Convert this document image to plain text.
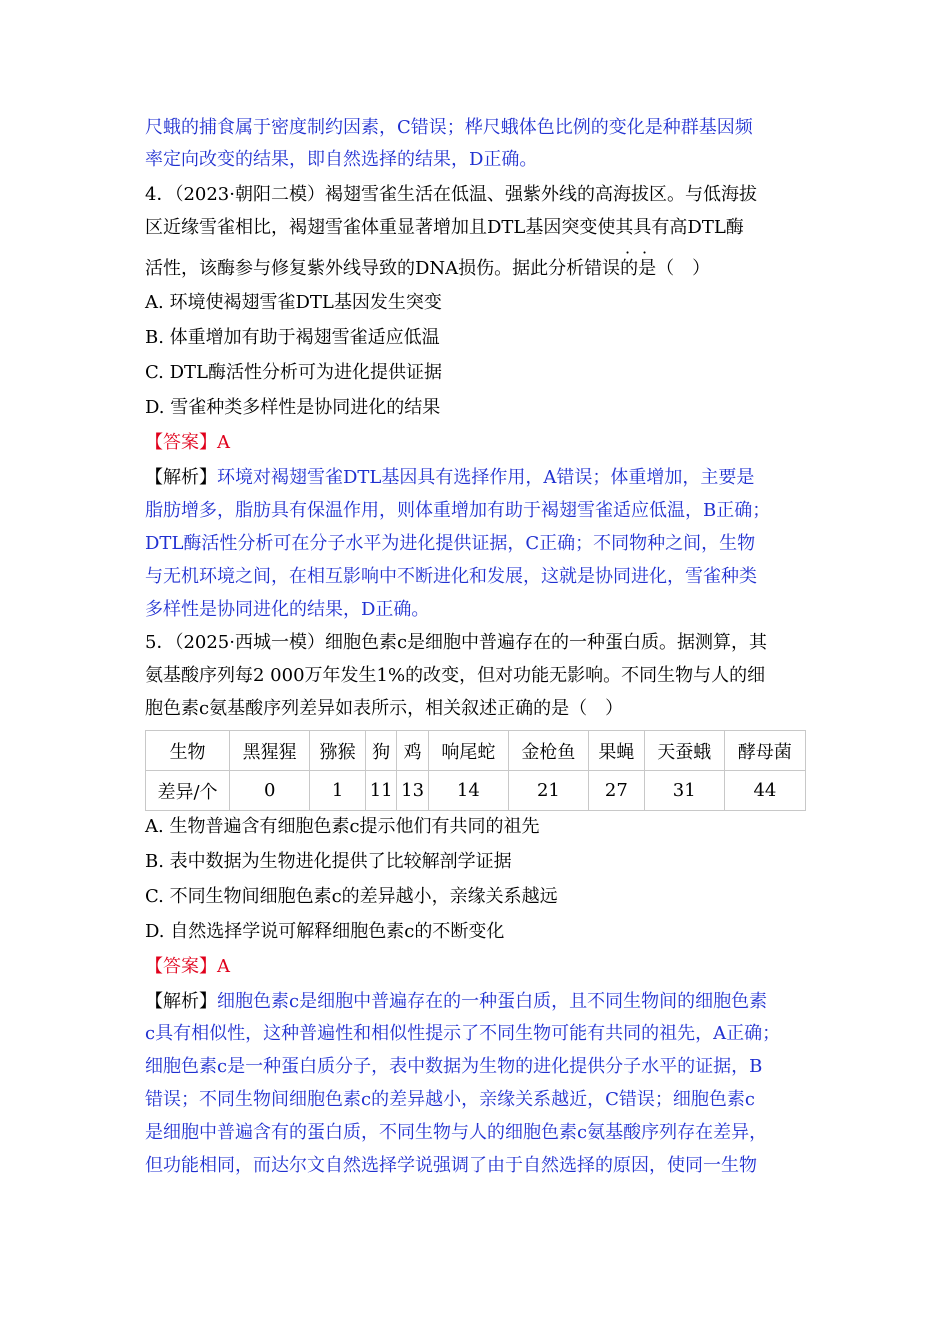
尺蛾的捕食属于密度制约因素，C错误；桦尺蛾体色比例的变化是种群基因频
率定向改变的结果，即自然选择的结果，D正确。
4．（2023·朝阳二模）褐翅雪雀生活在低温、强紫外线的高海拔区。与低海拔
区近缘雪雀相比，褐翅雪雀体重显著增加且DTL基因突变使其具有高DTL酶
· ·
活性，该酶参与修复紫外线导致的DNA损伤。据此分析错误的是（　）
A. 环境使褐翅雪雀DTL基因发生突变
B. 体重增加有助于褐翅雪雀适应低温
C. DTL酶活性分析可为进化提供证据
D. 雪雀种类多样性是协同进化的结果
【答案】A
【解析】环境对褐翅雪雀DTL基因具有选择作用，A错误；体重增加，主要是
脂肪增多，脂肪具有保温作用，则体重增加有助于褐翅雪雀适应低温，B正确；
DTL酶活性分析可在分子水平为进化提供证据，C正确；不同物种之间，生物
与无机环境之间，在相互影响中不断进化和发展，这就是协同进化，雪雀种类
多样性是协同进化的结果，D正确。
5．（2025·西城一模）细胞色素c是细胞中普遍存在的一种蛋白质。据测算，其
氨基酸序列每2 000万年发生1%的改变，但对功能无影响。不同生物与人的细
胞色素c氨基酸序列差异如表所示，相关叙述正确的是（　）
生物	黑猩猩	猕猴	狗	鸡	响尾蛇	金枪鱼	果蝇	天蚕蛾	酵母菌
差异/个	0	1	11	13	14	21	27	31	44
A. 生物普遍含有细胞色素c提示他们有共同的祖先
B. 表中数据为生物进化提供了比较解剖学证据
C. 不同生物间细胞色素c的差异越小，亲缘关系越远
D. 自然选择学说可解释细胞色素c的不断变化
【答案】A
【解析】细胞色素c是细胞中普遍存在的一种蛋白质，且不同生物间的细胞色素
c具有相似性，这种普遍性和相似性提示了不同生物可能有共同的祖先，A正确；
细胞色素c是一种蛋白质分子，表中数据为生物的进化提供分子水平的证据，B
错误；不同生物间细胞色素c的差异越小，亲缘关系越近，C错误；细胞色素c
是细胞中普遍含有的蛋白质，不同生物与人的细胞色素c氨基酸序列存在差异，
但功能相同，而达尔文自然选择学说强调了由于自然选择的原因，使同一生物
